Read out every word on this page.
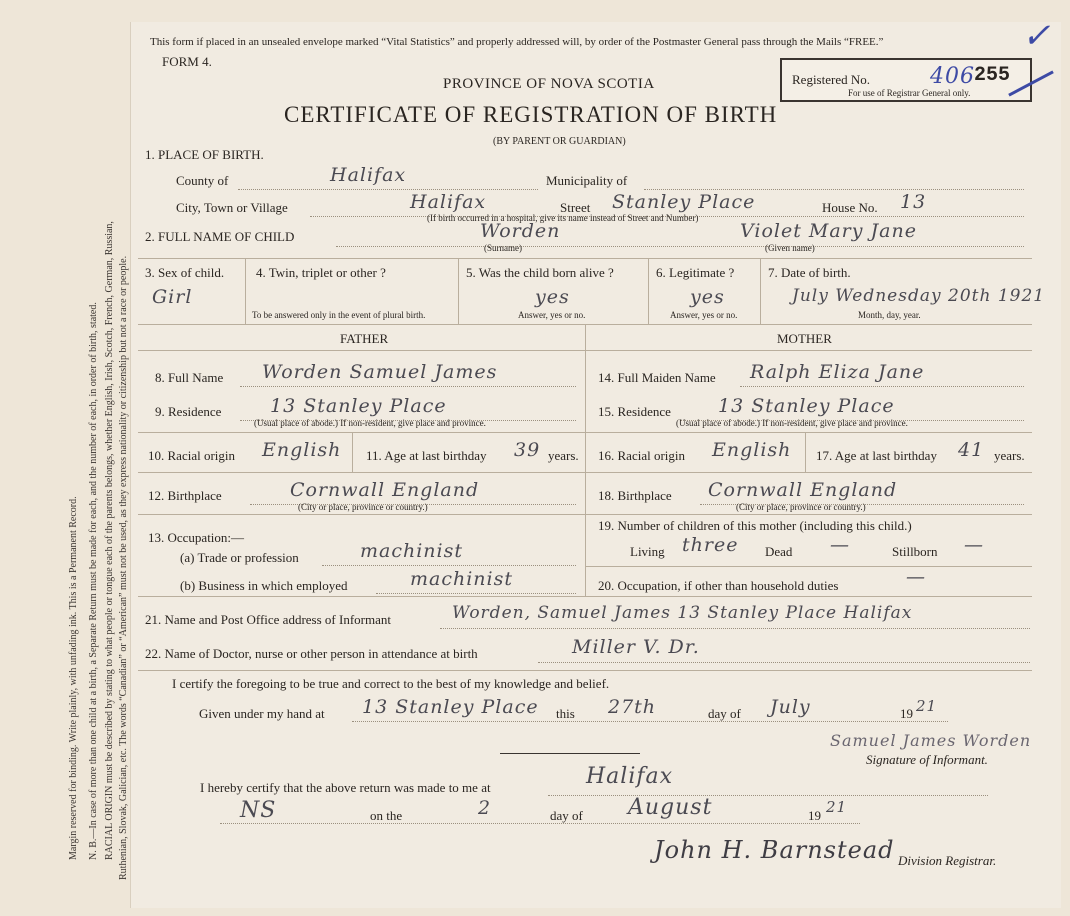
Margin reserved for binding. Write plainly, with unfading ink. This is a Permanent Record. N. B.—In case of more than one child at a birth, a Separate Return must be made for each, and the number of each, in order of birth, stated. RACIAL ORIGIN must be described by stating to what people or tongue each of the parents belongs, whether English, Irish, Scotch, French, German, Russian, Ruthenian, Slovak, Galician, etc. The words “Canadian” or “American” must not be used, as they express nationality or citizenship but not a race or people.
This form if placed in an unsealed envelope marked “Vital Statistics” and properly addressed will, by order of the Postmaster General pass through the Mails “FREE.”	✓
FORM 4.
PROVINCE OF NOVA SCOTIA
CERTIFICATE OF REGISTRATION OF BIRTH
(BY PARENT OR GUARDIAN)
Registered No.	406 255
For use of Registrar General only.
1. PLACE OF BIRTH.
County of	Halifax	Municipality of
City, Town or Village	Halifax	Street Stanley Place	House No. 13
(If birth occurred in a hospital, give its name instead of Street and Number)
2. FULL NAME OF CHILD	Worden	Violet Mary Jane
(Surname)	(Given name)
3. Sex of child.
Girl
4. Twin, triplet or other ?
To be answered only in the event of plural birth.
5. Was the child born alive ?
yes
Answer, yes or no.
6. Legitimate ?
yes
Answer, yes or no.
7. Date of birth.
July Wednesday 20th 1921
Month, day, year.
FATHER	MOTHER
8. Full Name Worden Samuel James
9. Residence	13 Stanley Place
(Usual place of abode.) If non-resident, give place and province.
10. Racial origin English 11. Age at last birthday 39 years.
12. Birthplace	Cornwall England
(City or place, province or country.)
13. Occupation:—
(a) Trade or profession	machinist
(b) Business in which employed	machinist
14. Full Maiden Name Ralph Eliza Jane
15. Residence 13 Stanley Place
(Usual place of abode.) If non-resident, give place and province.
16. Racial origin English 17. Age at last birthday 41 years.
18. Birthplace Cornwall England
(City or place, province or country.)
19. Number of children of this mother (including this child.)
Living three Dead —	Stillborn —
20. Occupation, if other than household duties	—
21. Name and Post Office address of Informant	Worden, Samuel James 13 Stanley Place Halifax
22. Name of Doctor, nurse or other person in attendance at birth	Miller V. Dr.
I certify the foregoing to be true and correct to the best of my knowledge and belief.
Given under my hand at 13 Stanley Place this 27th	day of July	19 21
Samuel James Worden
Signature of Informant.
I hereby certify that the above return was made to me at	Halifax
NS	on the	2	day of August	19 21
John H. Barnstead Division Registrar.
